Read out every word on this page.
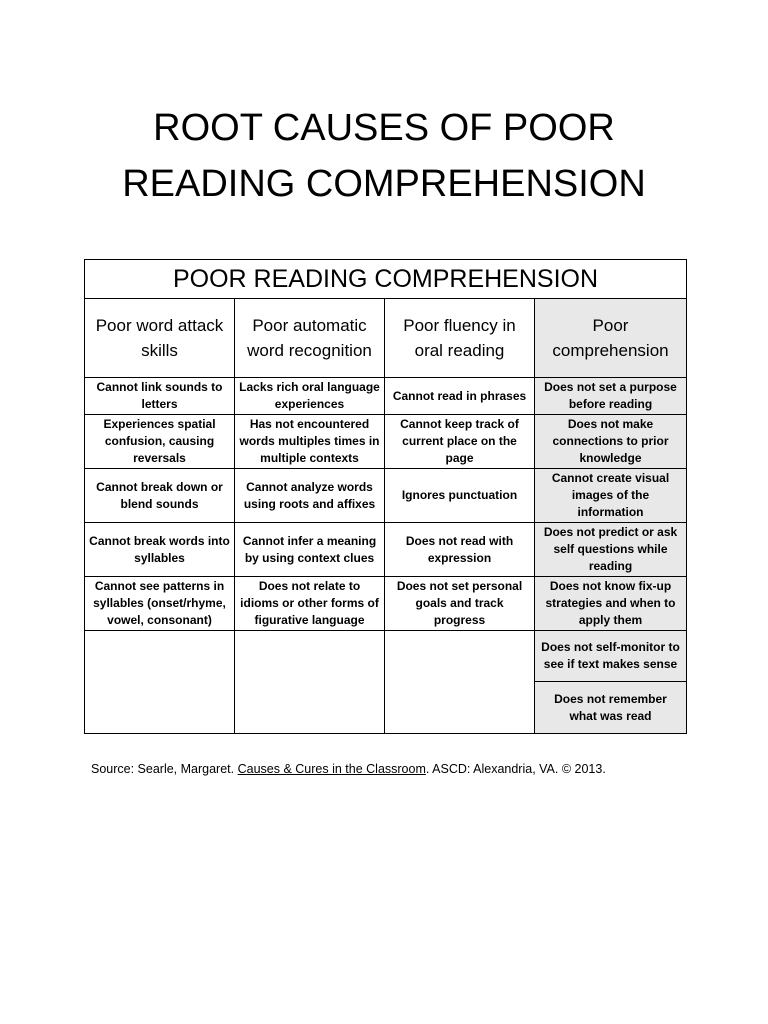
ROOT CAUSES OF POOR
READING COMPREHENSION
POOR READING COMPREHENSION			
Poor word attack skills	Poor automatic word recognition	Poor fluency in oral reading	Poor comprehension
Cannot link sounds to letters	Lacks rich oral language experiences	Cannot read in phrases	Does not set a purpose before reading
Experiences spatial confusion, causing reversals	Has not encountered words multiples times in multiple contexts	Cannot keep track of current place on the page	Does not make connections to prior knowledge
Cannot break down or blend sounds	Cannot analyze words using roots and affixes	Ignores punctuation	Cannot create visual images of the information
Cannot break words into syllables	Cannot infer a meaning by using context clues	Does not read with expression	Does not predict or ask self questions while reading
Cannot see patterns in syllables (onset/rhyme, vowel, consonant)	Does not relate to idioms or other forms of figurative language	Does not set personal goals and track progress	Does not know fix-up strategies and when to apply them
			Does not self-monitor to see if text makes sense
			Does not remember what was read
Source: Searle, Margaret. Causes & Cures in the Classroom. ASCD: Alexandria, VA. © 2013.
